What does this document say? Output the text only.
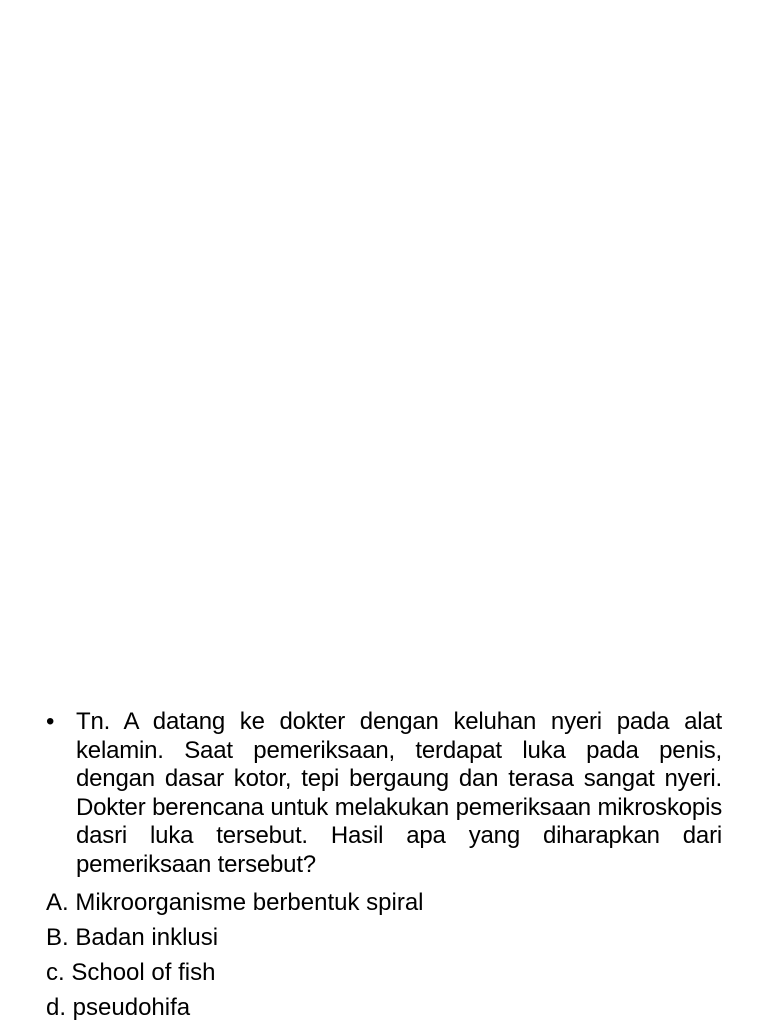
• Tn. A datang ke dokter dengan keluhan nyeri pada alat kelamin. Saat pemeriksaan, terdapat luka pada penis, dengan dasar kotor, tepi bergaung dan terasa sangat nyeri. Dokter berencana untuk melakukan pemeriksaan mikroskopis dasri luka tersebut. Hasil apa yang diharapkan dari pemeriksaan tersebut?
A. Mikroorganisme berbentuk spiral
B. Badan inklusi
c. School of fish
d. pseudohifa
